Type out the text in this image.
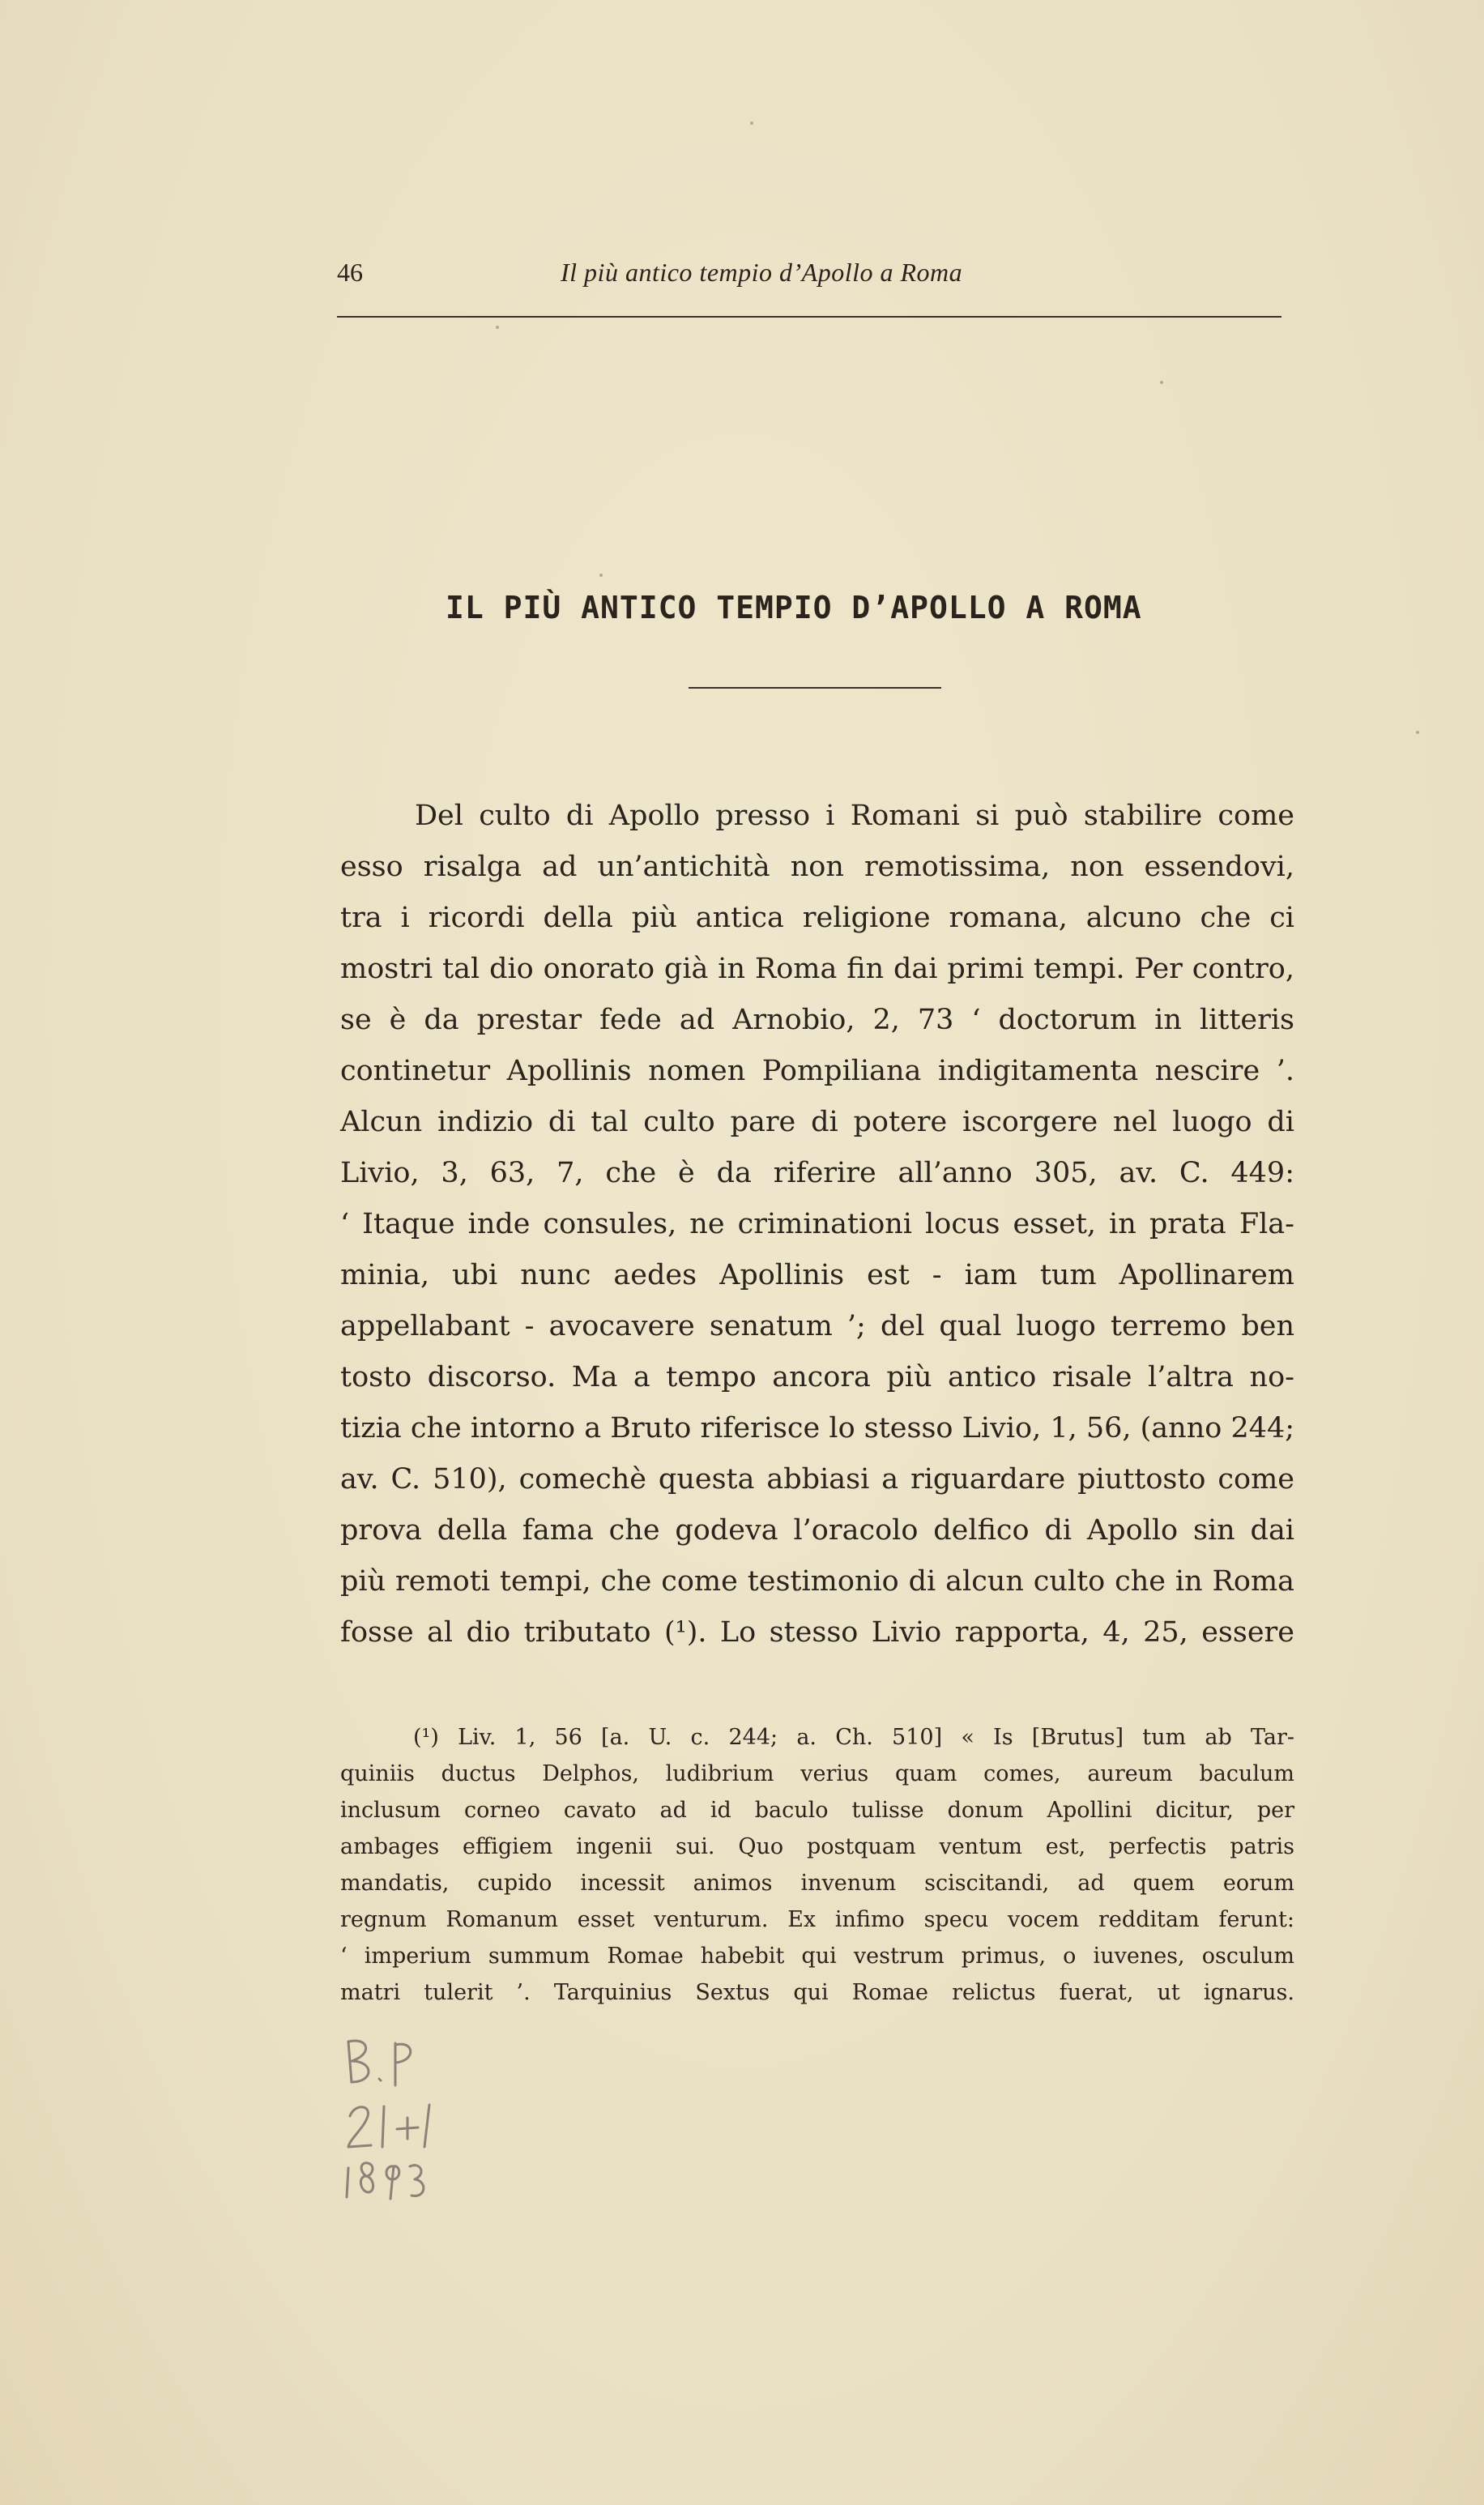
46	Il più antico tempio d’Apollo a Roma
IL PIÙ ANTICO TEMPIO D’APOLLO A ROMA
Del culto di Apollo presso i Romani si può stabilire come
esso risalga ad un’antichità non remotissima, non essendovi,
tra i ricordi della più antica religione romana, alcuno che ci
mostri tal dio onorato già in Roma fin dai primi tempi. Per contro,
se è da prestar fede ad Arnobio, 2, 73 ‘ doctorum in litteris
continetur Apollinis nomen Pompiliana indigitamenta nescire ’.
Alcun indizio di tal culto pare di potere iscorgere nel luogo di
Livio, 3, 63, 7, che è da riferire all’anno 305, av. C. 449:
‘ Itaque inde consules, ne criminationi locus esset, in prata Fla-
minia, ubi nunc aedes Apollinis est - iam tum Apollinarem
appellabant - avocavere senatum ’; del qual luogo terremo ben
tosto discorso. Ma a tempo ancora più antico risale l’altra no-
tizia che intorno a Bruto riferisce lo stesso Livio, 1, 56, (anno 244;
av. C. 510), comechè questa abbiasi a riguardare piuttosto come
prova della fama che godeva l’oracolo delfico di Apollo sin dai
più remoti tempi, che come testimonio di alcun culto che in Roma
fosse al dio tributato (¹). Lo stesso Livio rapporta, 4, 25, essere
(¹) Liv. 1, 56 [a. U. c. 244; a. Ch. 510] « Is [Brutus] tum ab Tar-
quiniis ductus Delphos, ludibrium verius quam comes, aureum baculum
inclusum corneo cavato ad id baculo tulisse donum Apollini dicitur, per
ambages effigiem ingenii sui. Quo postquam ventum est, perfectis patris
mandatis, cupido incessit animos invenum sciscitandi, ad quem eorum
regnum Romanum esset venturum. Ex infimo specu vocem redditam ferunt:
‘ imperium summum Romae habebit qui vestrum primus, o iuvenes, osculum
matri tulerit ’. Tarquinius Sextus qui Romae relictus fuerat, ut ignarus.
